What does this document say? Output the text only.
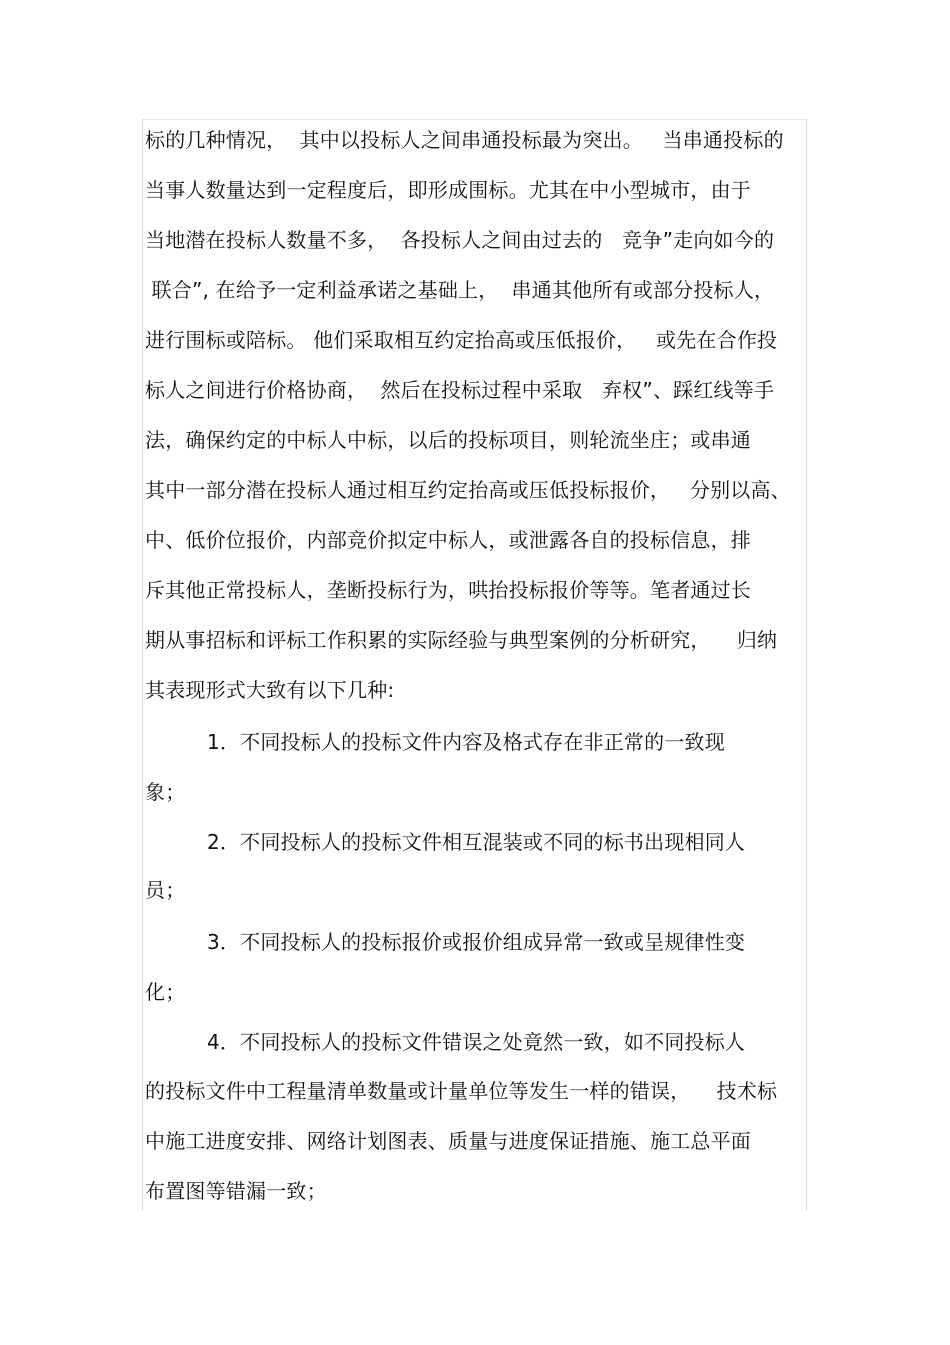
标的几种情况，  其中以投标人之间串通投标最为突出。   当串通投标的
当事人数量达到一定程度后，即形成围标。尤其在中小型城市，由于
当地潜在投标人数量不多，  各投标人之间由过去的   竞争”走向如今的
联合”, 在给予一定利益承诺之基础上，  串通其他所有或部分投标人，
进行围标或陪标。 他们采取相互约定抬高或压低报价，   或先在合作投
标人之间进行价格协商，  然后在投标过程中采取   弃权”、踩红线等手
法，确保约定的中标人中标，以后的投标项目，则轮流坐庄；或串通
其中一部分潜在投标人通过相互约定抬高或压低投标报价，   分别以高、
中、低价位报价，内部竞价拟定中标人，或泄露各自的投标信息，排
斥其他正常投标人，垄断投标行为，哄抬投标报价等等。笔者通过长
期从事招标和评标工作积累的实际经验与典型案例的分析研究，    归纳
其表现形式大致有以下几种:
1．不同投标人的投标文件内容及格式存在非正常的一致现
象；
2．不同投标人的投标文件相互混装或不同的标书出现相同人
员；
3．不同投标人的投标报价或报价组成异常一致或呈规律性变
化；
4．不同投标人的投标文件错误之处竟然一致，如不同投标人
的投标文件中工程量清单数量或计量单位等发生一样的错误，    技术标
中施工进度安排、网络计划图表、质量与进度保证措施、施工总平面
布置图等错漏一致；
